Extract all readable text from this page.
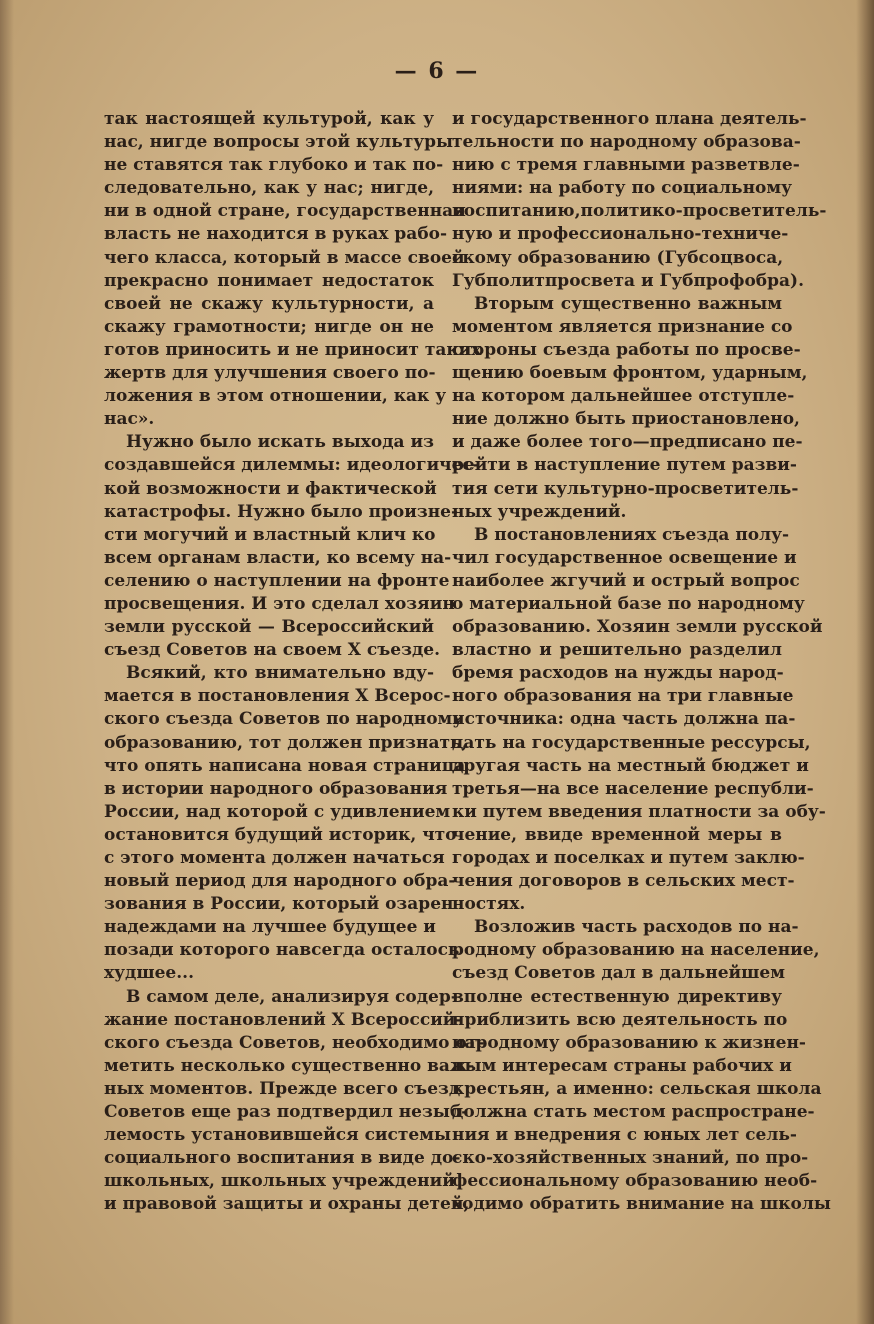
— 6 —
так настоящей культурой, как у
нас, нигде вопросы этой культуры
не ставятся так глубоко и так по-
следовательно, как у нас; нигде,
ни в одной стране, государственная
власть не находится в руках рабо-
чего класса, который в массе своей
прекрасно понимает недостаток
своей не скажу культурности, а
скажу грамотности; нигде он не
готов приносить и не приносит таких
жертв для улучшения своего по-
ложения в этом отношении, как у
нас».
Нужно было искать выхода из
создавшейся дилеммы: идеологичес-
кой возможности и фактической
катастрофы. Нужно было произне-
сти могучий и властный клич ко
всем органам власти, ко всему на-
селению о наступлении на фронте
просвещения. И это сделал хозяин
земли русской — Всероссийский
съезд Советов на своем X съезде.
Всякий, кто внимательно вду-
мается в постановления X Всерос-
ского съезда Советов по народному
образованию, тот должен признать,
что опять написана новая страница
в истории народного образования
России, над которой с удивлением
остановится будущий историк, что
с этого момента должен начаться
новый период для народного обра-
зования в России, который озарен
надеждами на лучшее будущее и
позади которого навсегда осталось
худшее...
В самом деле, анализируя содер-
жание постановлений X Всероссий-
ского съезда Советов, необходимо от-
метить несколько существенно важ-
ных моментов. Прежде всего съезд
Советов еще раз подтвердил незыб-
лемость установившейся системы
социального воспитания в виде до-
школьных, школьных учреждений
и правовой защиты и охраны детей,
и государственного плана деятель-
тельности по народному образова-
нию с тремя главными разветвле-
ниями: на работу по социальному
воспитанию,политико-просветитель-
ную и профессионально-техниче-
скому образованию (Губсоцвоса,
Губполитпросвета и Губпрофобра).
Вторым существенно важным
моментом является признание со
стороны съезда работы по просве-
щению боевым фронтом, ударным,
на котором дальнейшее отступле-
ние должно быть приостановлено,
и даже более того—предписано пе-
рейти в наступление путем разви-
тия сети культурно-просветитель-
ных учреждений.
В постановлениях съезда полу-
чил государственное освещение и
наиболее жгучий и острый вопрос
о материальной базе по народному
образованию. Хозяин земли русской
властно и решительно разделил
бремя расходов на нужды народ-
ного образования на три главные
источника: одна часть должна па-
дать на государственные рессурсы,
другая часть на местный бюджет и
третья—на все население республи-
ки путем введения платности за обу-
чение, ввиде временной меры в
городах и поселках и путем заклю-
чения договоров в сельских мест-
ностях.
Возложив часть расходов по на-
родному образованию на население,
съезд Советов дал в дальнейшем
вполне естественную директиву
приблизить всю деятельность по
народному образованию к жизнен-
ным интересам страны рабочих и
крестьян, а именно: сельская школа
должна стать местом распростране-
ния и внедрения с юных лет сель-
ско-хозяйственных знаний, по про-
фессиональному образованию необ-
ходимо обратить внимание на школы
